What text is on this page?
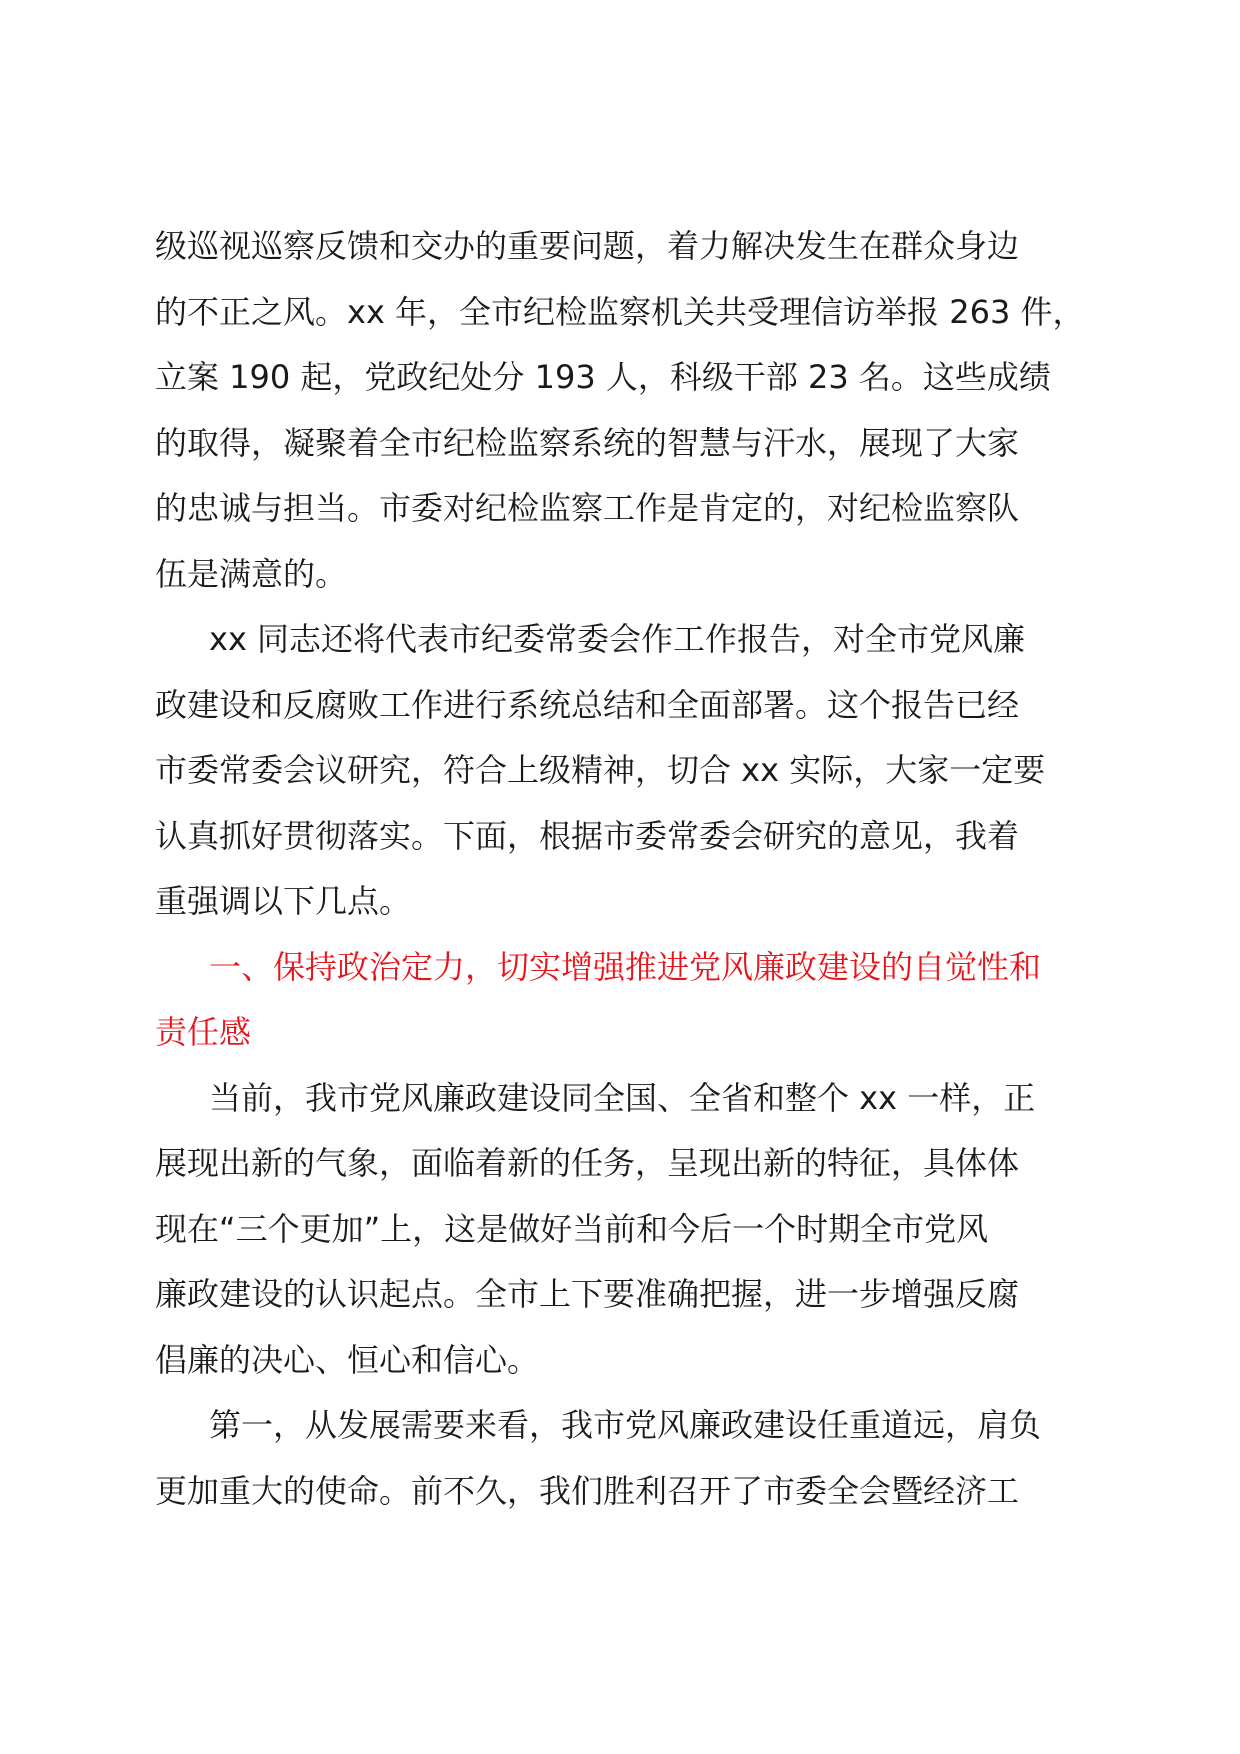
级巡视巡察反馈和交办的重要问题，着力解决发生在群众身边
的不正之风。xx 年，全市纪检监察机关共受理信访举报 263 件，
立案 190 起，党政纪处分 193 人，科级干部 23 名。这些成绩
的取得，凝聚着全市纪检监察系统的智慧与汗水，展现了大家
的忠诚与担当。市委对纪检监察工作是肯定的，对纪检监察队
伍是满意的。
xx 同志还将代表市纪委常委会作工作报告，对全市党风廉
政建设和反腐败工作进行系统总结和全面部署。这个报告已经
市委常委会议研究，符合上级精神，切合 xx 实际，大家一定要
认真抓好贯彻落实。下面，根据市委常委会研究的意见，我着
重强调以下几点。
一、保持政治定力，切实增强推进党风廉政建设的自觉性和
责任感
当前，我市党风廉政建设同全国、全省和整个 xx 一样，正
展现出新的气象，面临着新的任务，呈现出新的特征，具体体
现在“三个更加”上，这是做好当前和今后一个时期全市党风
廉政建设的认识起点。全市上下要准确把握，进一步增强反腐
倡廉的决心、恒心和信心。
第一，从发展需要来看，我市党风廉政建设任重道远，肩负
更加重大的使命。前不久，我们胜利召开了市委全会暨经济工
